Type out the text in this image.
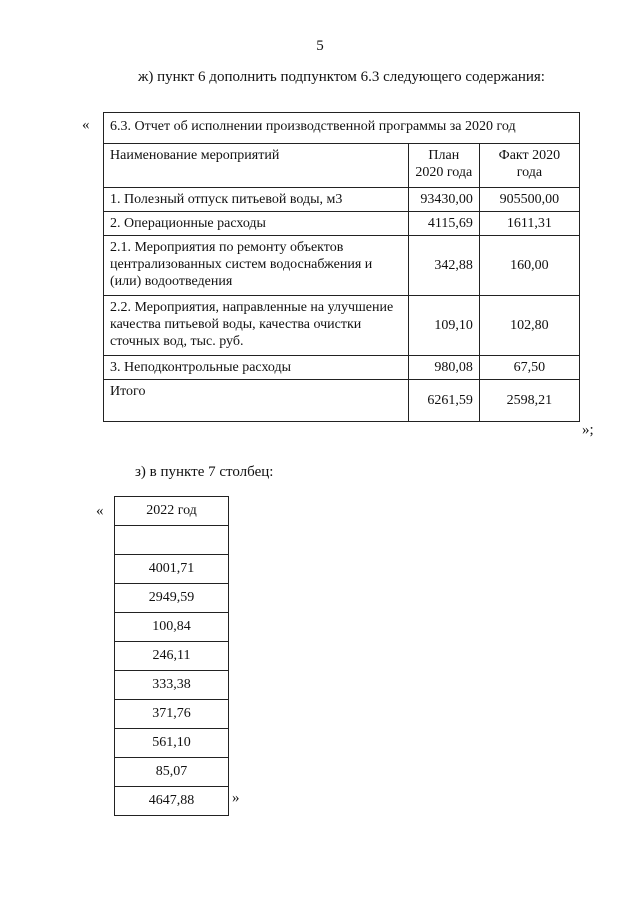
5
ж) пункт 6 дополнить подпунктом 6.3 следующего содержания:
« 6.3. Отчет об исполнении производственной программы за 2020 год		
Наименование мероприятий	План 2020 года	Факт 2020 года
1. Полезный отпуск питьевой воды, м3	93430,00	905500,00
2. Операционные расходы	4115,69	1611,31
2.1. Мероприятия по ремонту объектов централизованных систем водоснабжения и (или) водоотведения	342,88	160,00
2.2. Мероприятия, направленные на улучшение качества питьевой воды, качества очистки сточных вод, тыс. руб.	109,10	102,80
3. Неподконтрольные расходы	980,08	67,50
Итого	6261,59	2598,21
»;
з) в пункте 7 столбец:
«	2022 год

4001,71
2949,59
100,84
246,11
333,38
371,76
561,10
85,07
4647,88	»
